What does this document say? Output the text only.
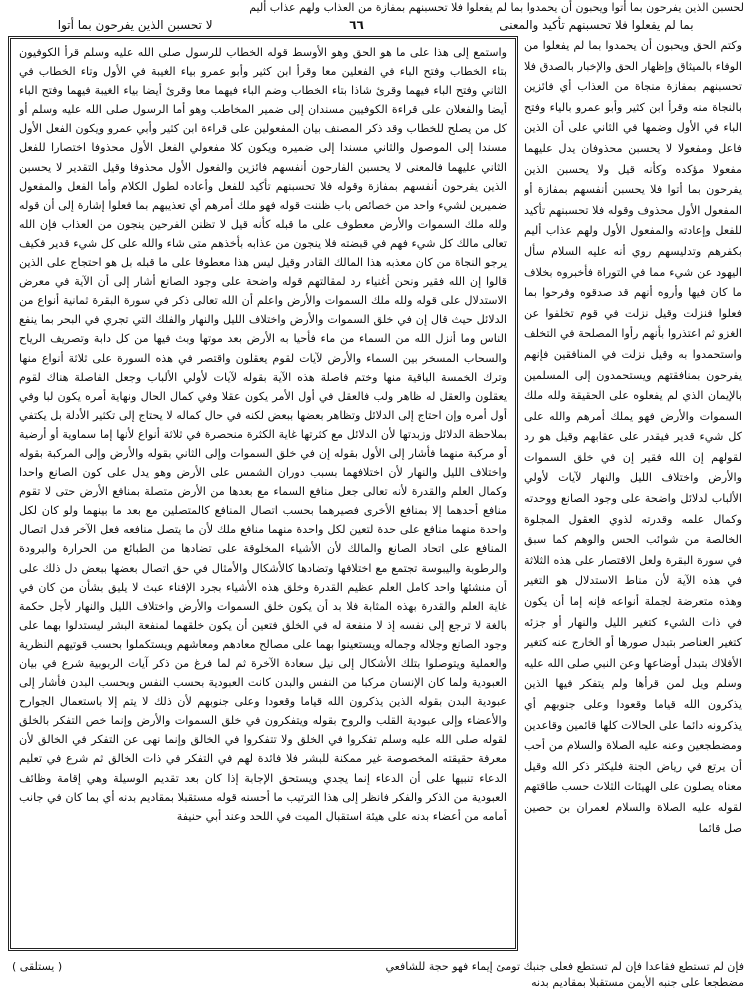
لحسبن الذين يفرحون بما أتوا ويحبون أن يحمدوا بما لم يفعلوا فلا تحسبنهم بمفازة من العذاب ولهم عذاب أليم
بما لم يفعلوا فلا تحسبنهم تأكيد والمعنى
٦٦
لا تحسبن الذين يفرحون بما أتوا

واستمع إلى هذا على ما هو الحق وهو الأوسط قوله الخطاب للرسول صلى الله عليه وسلم قرأ الكوفيون بتاء الخطاب وفتح الباء في الفعلين معا وقرأ ابن كثير وأبو عمرو بياء الغيبة في الأول وتاء الخطاب في الثاني وفتح الباء فيهما وقرئ شاذا بتاء الخطاب وضم الباء فيهما معا وقرئ أيضا بياء الغيبة فيهما وفتح الباء أيضا والفعلان على قراءة الكوفيين مسندان إلى ضمير المخاطب وهو أما الرسول صلى الله عليه وسلم أو كل من يصلح للخطاب وقد ذكر المصنف بيان المفعولين على قراءة ابن كثير وأبي عمرو ويكون الفعل الأول مسندا إلى الموصول والثاني مسندا إلى ضميره ويكون كلا مفعولي الفعل الأول محذوفا اختصارا للفعل الثاني عليهما فالمعنى لا يحسبن الفارحون أنفسهم فائزين والفعول الأول محذوفا وقيل التقدير لا يحسبن الذين يفرحون أنفسهم بمفازة وقوله فلا تحسبنهم تأكيد للفعل وأعاده لطول الكلام وأما الفعل والمفعول ضميرين لشيء واحد من خصائص باب ظننت قوله فهو ملك أمرهم أي تعذيبهم بما فعلوا إشارة إلى أن قوله ولله ملك السموات والأرض معطوف على ما قبله كأنه قيل لا تظنن الفرحين ينجون من العذاب فإن الله تعالى مالك كل شيء فهم في قبضته فلا ينجون من عذابه بأخذهم متى شاء والله على كل شيء قدير فكيف يرجو النجاة من كان معذبه هذا المالك القادر وقيل ليس هذا معطوفا على ما قبله بل هو احتجاج على الذين قالوا إن الله فقير ونحن أغنياء رد لمقالتهم قوله واضحة على وجود الصانع أشار إلى أن الآية في معرض الاستدلال على قوله ولله ملك السموات والأرض واعلم أن الله تعالى ذكر في سورة البقرة ثمانية أنواع من الدلائل حيث قال إن في خلق السموات والأرض واختلاف الليل والنهار والفلك التي تجري في البحر بما ينفع الناس وما أنزل الله من السماء من ماء فأحيا به الأرض بعد موتها وبث فيها من كل دابة وتصريف الرياح والسحاب المسخر بين السماء والأرض لآيات لقوم يعقلون واقتصر في هذه السورة على ثلاثة أنواع منها وترك الخمسة الباقية منها وختم فاصلة هذه الآية بقوله لآيات لأولي الألباب وجعل الفاصلة هناك لقوم يعقلون والعقل له ظاهر ولب فالعقل في أول الأمر يكون عقلا وفي كمال الحال ونهاية أمره يكون لبا وفي أول أمره وإن احتاج إلى الدلائل وتظاهر بعضها ببعض لكنه في حال كماله لا يحتاج إلى تكثير الأدلة بل يكتفي بملاحظة الدلائل وزبدتها لأن الدلائل مع كثرتها غاية الكثرة منحصرة في ثلاثة أنواع لأنها إما سماوية أو أرضية أو مركبة منهما فأشار إلى الأول بقوله إن في خلق السموات وإلى الثاني بقوله والأرض وإلى المركبة بقوله واختلاف الليل والنهار لأن اختلافهما بسبب دوران الشمس على الأرض وهو يدل على كون الصانع واحدا وكمال العلم والقدرة لأنه تعالى جعل منافع السماء مع بعدها من الأرض متصلة بمنافع الأرض حتى لا تقوم منافع أحدهما إلا بمنافع الأخرى فصيرهما بحسب اتصال المنافع كالمتصلين مع بعد ما بينهما ولو كان لكل واحدة منهما منافع على حدة لتعين لكل واحدة منهما منافع ملك لأن ما يتصل منافعه فعل الآخر فدل اتصال المنافع على اتحاد الصانع والمالك لأن الأشياء المخلوقة على تضادها من الطبائع من الحرارة والبرودة والرطوبة واليبوسة تجتمع مع اختلافها وتضادها كالأشكال والأمثال في حق اتصال بعضها ببعض دل ذلك على أن منشئها واحد كامل العلم عظيم القدرة وخلق هذه الأشياء بجرد الإفناء عبث لا يليق بشأن من كان في غاية العلم والقدرة بهذه المثابة فلا بد أن يكون خلق السموات والأرض واختلاف الليل والنهار لأجل حكمة بالغة لا ترجع إلى نفسه إذ لا منفعة له في الخلق فتعين أن يكون خلقهما لمنفعة البشر ليستدلوا بهما على وجود الصانع وجلاله وجماله ويستعينوا بهما على مصالح معادهم ومعاشهم ويستكملوا بحسب قوتيهم النظرية والعملية ويتوصلوا بتلك الأشكال إلى نيل سعادة الآخرة ثم لما فرغ من ذكر آيات الربوبية شرع في بيان العبودية ولما كان الإنسان مركبا من النفس والبدن كانت العبودية بحسب النفس وبحسب البدن فأشار إلى عبودية البدن بقوله الذين يذكرون الله قياما وقعودا وعلى جنوبهم لأن ذلك لا يتم إلا باستعمال الجوارح والأعضاء وإلى عبودية القلب والروح بقوله ويتفكرون في خلق السموات والأرض وإنما خص التفكر بالخلق لقوله صلى الله عليه وسلم تفكروا في الخلق ولا تتفكروا في الخالق وإنما نهى عن التفكر في الخالق لأن معرفة حقيقته المخصوصة غير ممكنة للبشر فلا فائدة لهم في التفكر في ذات الخالق ثم شرع في تعليم الدعاء تنبيها على أن الدعاء إنما يجدي ويستحق الإجابة إذا كان بعد تقديم الوسيلة وهي إقامة وظائف العبودية من الذكر والفكر فانظر إلى هذا الترتيب ما أحسنه قوله مستقبلا بمقاديم بدنه أي بما كان في جانب أمامه من أعضاء بدنه على هيئة استقبال الميت في اللحد وعند أبي حنيفة

وكتم الحق ويحبون أن يحمدوا بما لم يفعلوا من الوفاء بالميثاق وإظهار الحق والإخبار بالصدق فلا تحسبنهم بمفازة منجاة من العذاب أي فائزين بالنجاة منه وقرأ ابن كثير وأبو عمرو بالياء وفتح الباء في الأول وضمها في الثاني على أن الذين فاعل ومفعولا لا يحسبن محذوفان يدل عليهما مفعولا مؤكده وكأنه قيل ولا يحسبن الذين يفرحون بما أتوا فلا يحسبن أنفسهم بمفازة أو المفعول الأول محذوف وقوله فلا تحسبنهم تأكيد للفعل وإعادته والمفعول الأول ولهم عذاب أليم بكفرهم وتدليسهم روي أنه عليه السلام سأل اليهود عن شيء مما في التوراة فأخبروه بخلاف ما كان فيها وأروه أنهم قد صدقوه وفرحوا بما فعلوا فنزلت وقيل نزلت في قوم تخلفوا عن الغزو ثم اعتذروا بأنهم رأوا المصلحة في التخلف واستحمدوا به وقيل نزلت في المنافقين فإنهم يفرحون بمنافقتهم ويستحمدون إلى المسلمين بالإيمان الذي لم يفعلوه على الحقيقة ولله ملك السموات والأرض فهو يملك أمرهم والله على كل شيء قدير فيقدر على عقابهم وقيل هو رد لقولهم إن الله فقير إن في خلق السموات والأرض واختلاف الليل والنهار لآيات لأولي الألباب لدلائل واضحة على وجود الصانع ووحدته وكمال علمه وقدرته لذوي العقول المجلوة الخالصة من شوائب الحس والوهم كما سبق في سورة البقرة ولعل الاقتصار على هذه الثلاثة في هذه الآية لأن مناط الاستدلال هو التغير وهذه متعرضة لجملة أنواعه فإنه إما أن يكون في ذات الشيء كتغير الليل والنهار أو جزئه كتغير العناصر بتبدل صورها أو الخارج عنه كتغير الأفلاك بتبدل أوضاعها وعن النبي صلى الله عليه وسلم ويل لمن قرأها ولم يتفكر فيها الذين يذكرون الله قياما وقعودا وعلى جنوبهم أي يذكرونه دائما على الحالات كلها قائمين وقاعدين ومضطجعين وعنه عليه الصلاة والسلام من أحب أن يرتع في رياض الجنة فليكثر ذكر الله وقيل معناه يصلون على الهيئات الثلاث حسب طاقتهم لقوله عليه الصلاة والسلام لعمران بن حصين صل قائما

فإن لم تستطع فقاعدا فإن لم تستطع فعلى جنبك تومئ إيماء فهو حجة للشافعي
مضطجعا على جنبه الأيمن مستقبلا بمقاديم بدنه
( يستلقى )
